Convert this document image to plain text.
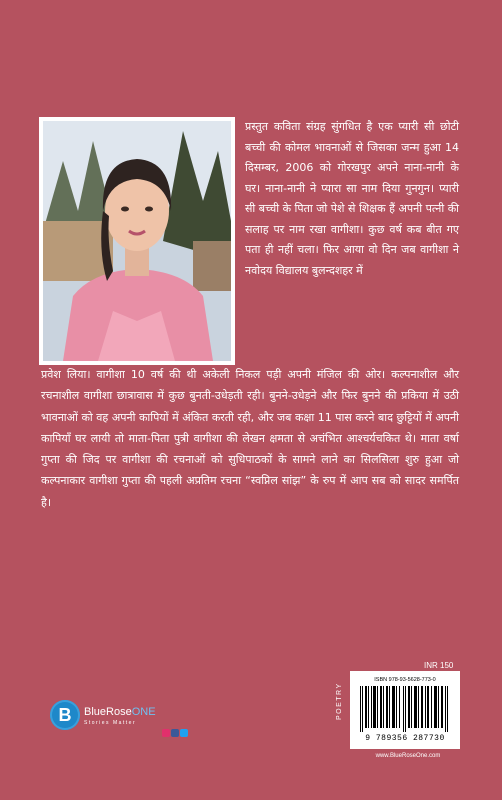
प्रस्तुत कविता संग्रह सुंगधित है एक प्यारी सी छोटी बच्ची की कोमल भावनाओं से जिसका जन्म हुआ 14 दिसम्बर, 2006 को गोरखपुर अपने नाना-नानी के घर। नाना-नानी ने प्यारा सा नाम दिया गुनगुन। प्यारी सी बच्ची के पिता जो पेशे से शिक्षक हैं अपनी पत्नी की सलाह पर नाम रखा वागीशा। कुछ वर्ष कब बीत गए पता ही नहीं चला। फिर आया वो दिन जब वागीशा ने नवोदय विद्यालय बुलन्दशहर में
प्रवेश लिया। वागीशा 10 वर्ष की थी अकेली निकल पड़ी अपनी मंजिल की ओर। कल्पनाशील और रचनाशील वागीशा छात्रावास में कुछ बुनती-उधेड़ती रही। बुनने-उधेड़ने और फिर बुनने की प्रकिया में उठी भावनाओं को वह अपनी कापियों में अंकित करती रही, और जब कक्षा 11 पास करने बाद छुट्टियों में अपनी कापियाँ घर लायी तो माता-पिता पुत्री वागीशा की लेखन क्षमता से अचंभित आश्चर्यचकित थे। माता वर्षा गुप्ता की जिद पर वागीशा की रचनाओं को सुधिपाठकों के सामने लाने का सिलसिला शुरु हुआ जो कल्पनाकार वागीशा गुप्ता की पहली अप्रतिम रचना “स्वप्निल सांझ” के रुप में आप सब को सादर समर्पित है।
B	BlueRoseONE
Stories Matter
INR 150
POETRY
ISBN 978-93-5628-773-0
9 789356 287730
www.BlueRoseOne.com
